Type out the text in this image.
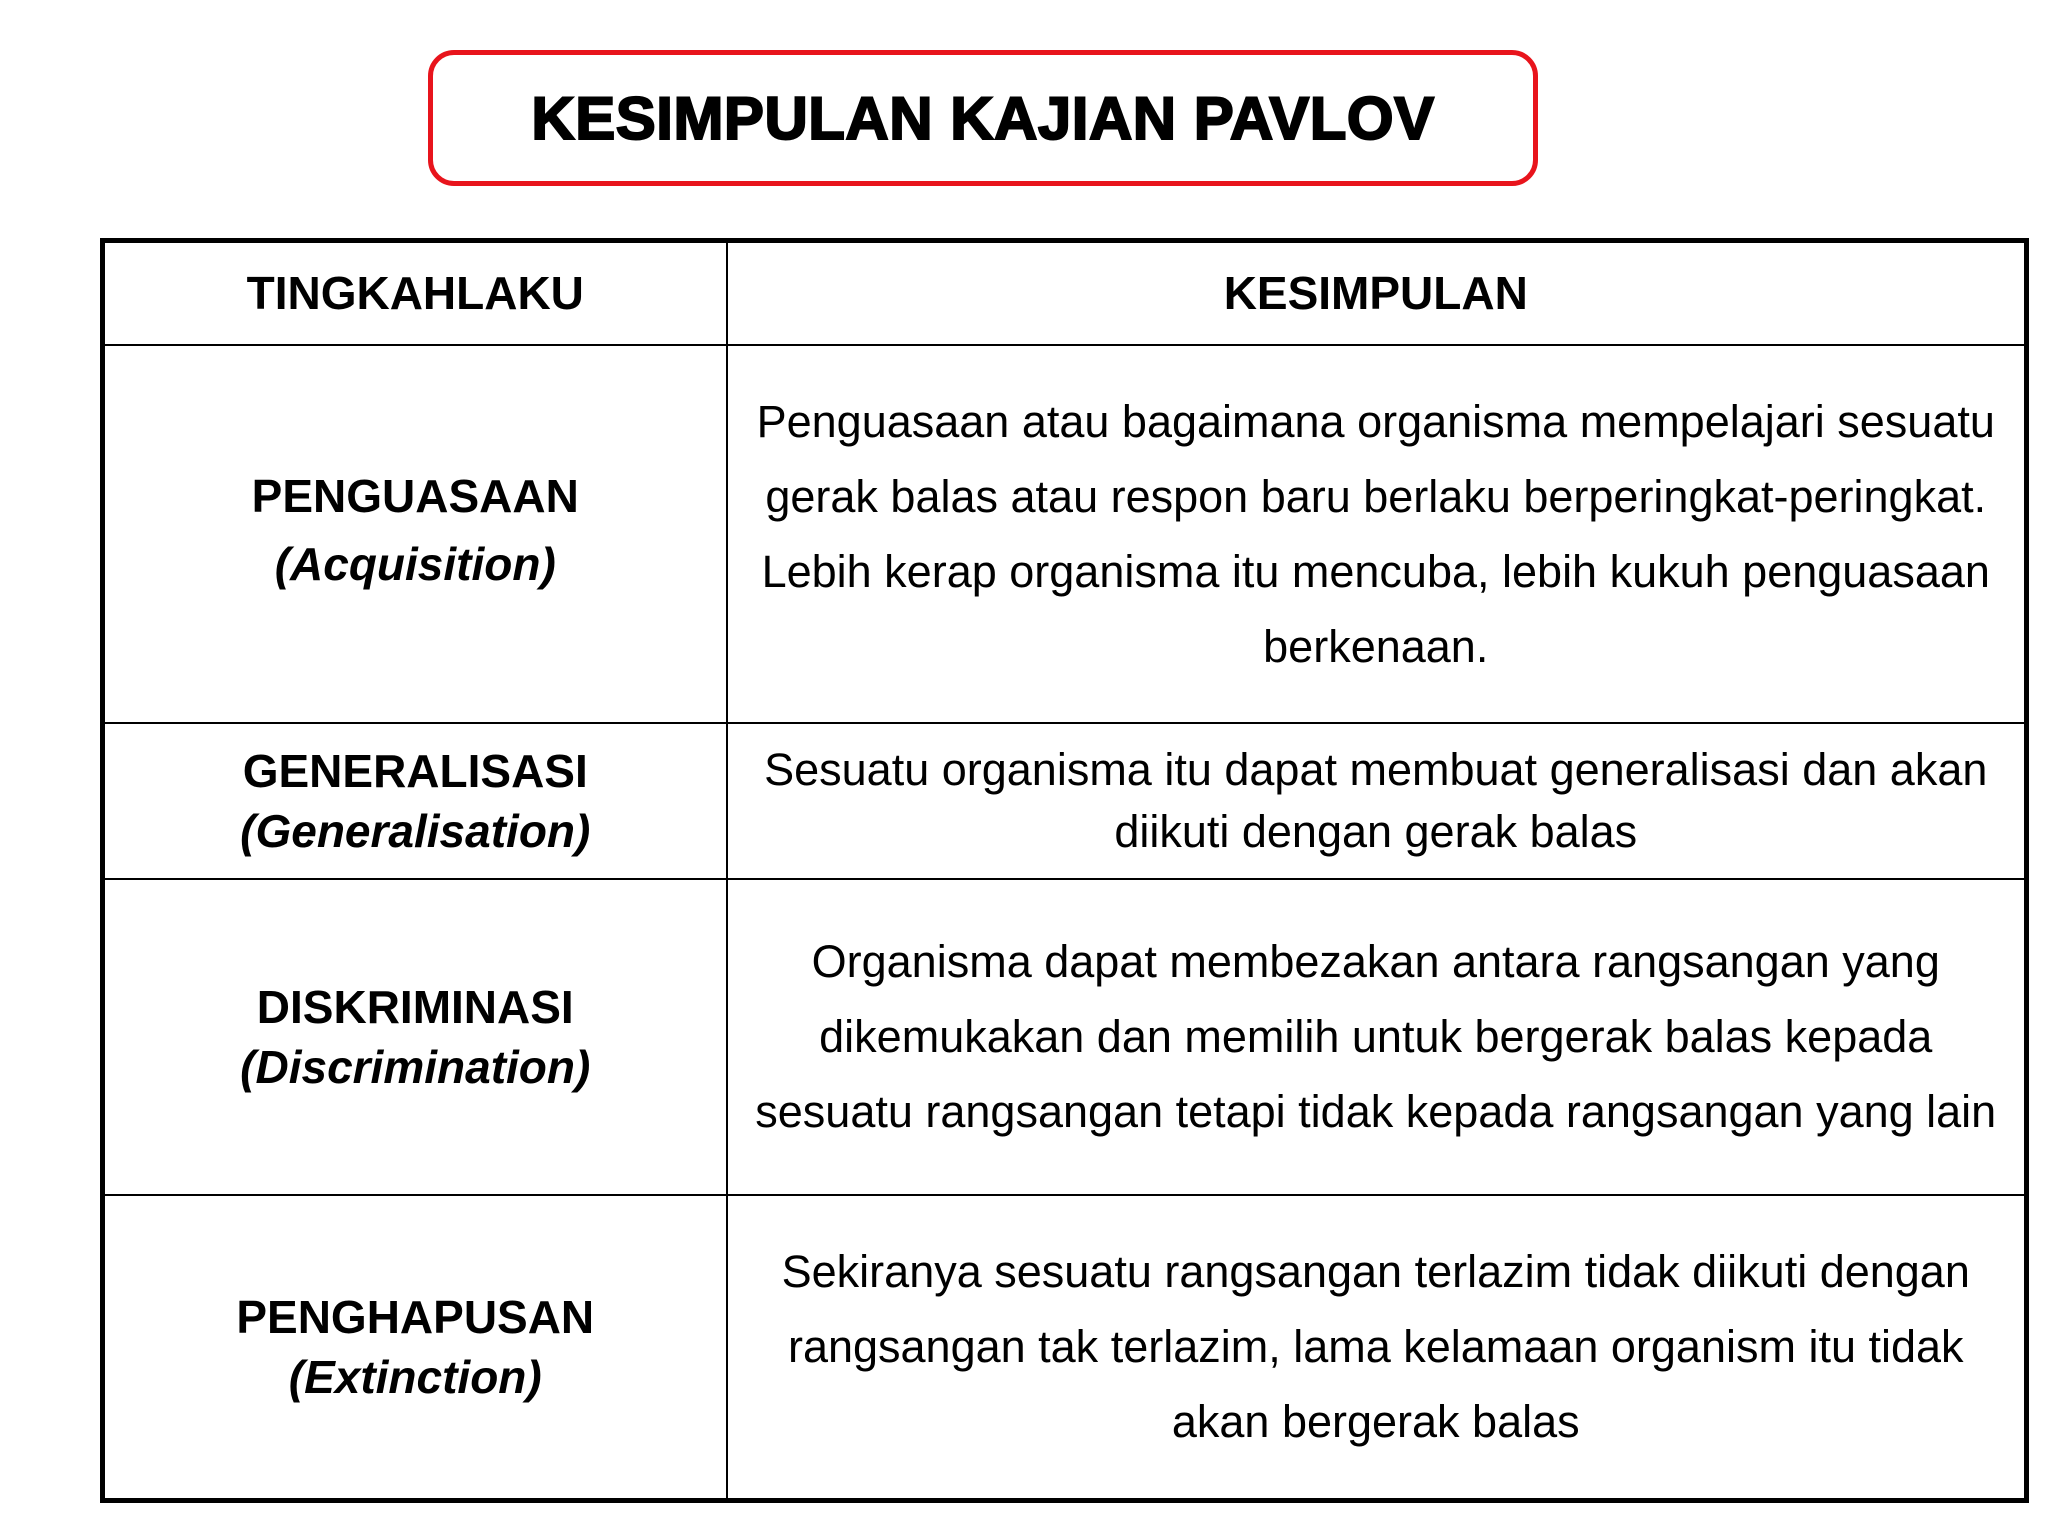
KESIMPULAN KAJIAN PAVLOV
TINGKAHLAKU	KESIMPULAN

PENGUASAAN
(Acquisition)	Penguasaan atau bagaimana organisma mempelajari sesuatu gerak balas atau respon baru berlaku berperingkat-peringkat. Lebih kerap organisma itu mencuba, lebih kukuh penguasaan berkenaan.

GENERALISASI
(Generalisation)	Sesuatu organisma itu dapat membuat generalisasi dan akan diikuti dengan gerak balas

DISKRIMINASI
(Discrimination)	Organisma dapat membezakan antara rangsangan yang dikemukakan dan memilih untuk bergerak balas kepada sesuatu rangsangan tetapi tidak kepada rangsangan yang lain

PENGHAPUSAN
(Extinction)	Sekiranya sesuatu rangsangan terlazim tidak diikuti dengan rangsangan tak terlazim, lama kelamaan organism itu tidak akan bergerak balas
